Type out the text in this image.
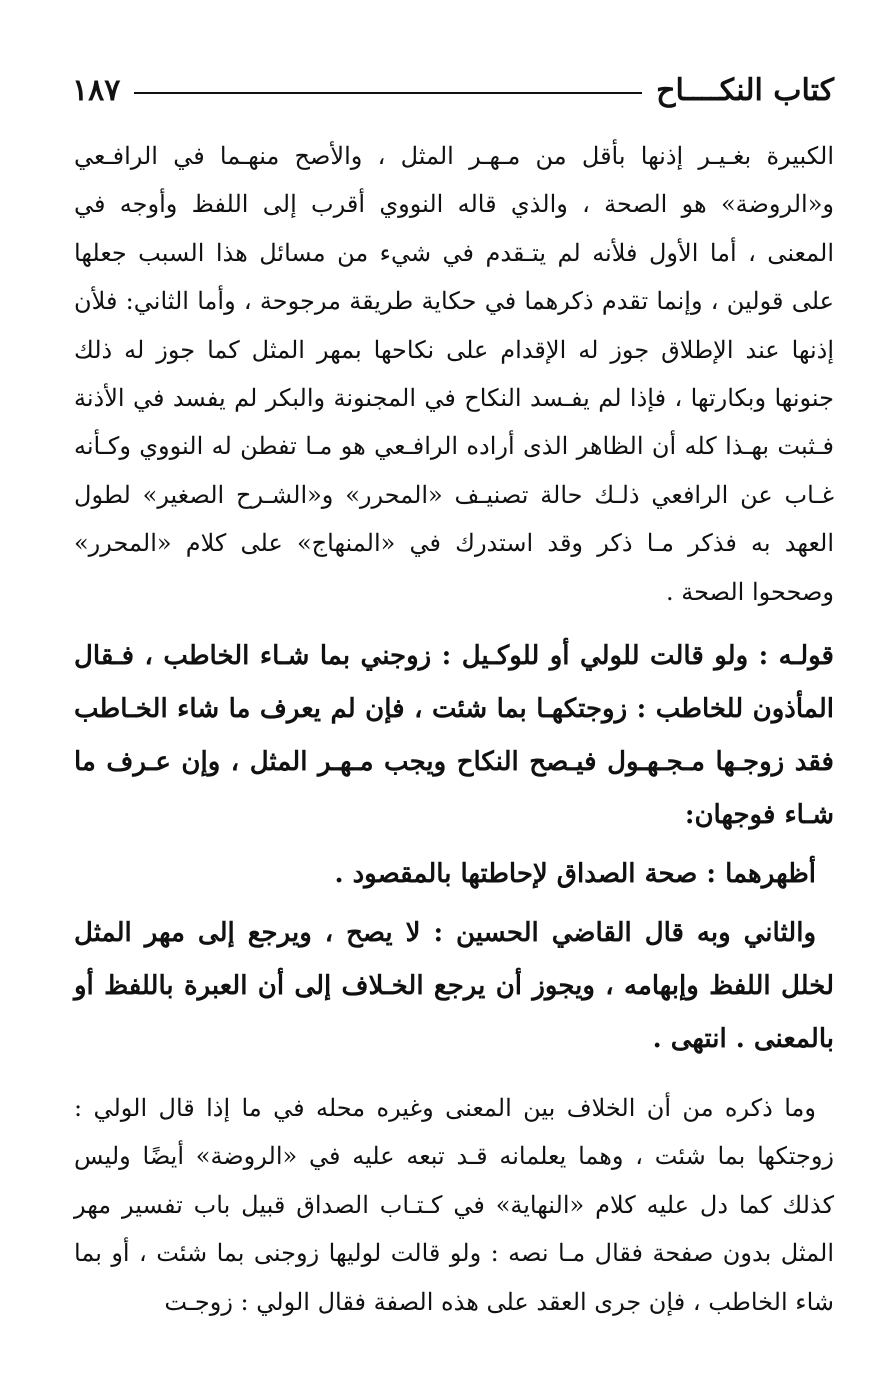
كتاب النكــــاح
١٨٧

الكبيرة بغـيـر إذنها بأقل من مـهـر المثل ، والأصح منهـما في الرافـعي و«الروضة» هو الصحة ، والذي قاله النووي أقرب إلى اللفظ وأوجه في المعنى ، أما الأول فلأنه لم يتـقدم في شيء من مسائل هذا السبب جعلها على قولين ، وإنما تقدم ذكرهما في حكاية طريقة مرجوحة ، وأما الثاني: فلأن إذنها عند الإطلاق جوز له الإقدام على نكاحها بمهر المثل كما جوز له ذلك جنونها وبكارتها ، فإذا لم يفـسد النكاح في المجنونة والبكر لم يفسد في الأذنة فـثبت بهـذا كله أن الظاهر الذى أراده الرافـعي هو مـا تفطن له النووي وكـأنه غـاب عن الرافعي ذلـك حالة تصنيـف «المحرر» و«الشـرح الصغير» لطول العهد به فذكر مـا ذكر وقد استدرك في «المنهاج» على كلام «المحرر» وصححوا الصحة .

قولـه : ولو قالت للولي أو للوكـيل : زوجني بما شـاء الخاطب ، فـقال المأذون للخاطب : زوجتكهـا بما شئت ، فإن لم يعرف ما شاء الخـاطب فقد زوجـها مـجـهـول فيـصح النكاح ويجب مـهـر المثل ، وإن عـرف ما شـاء فوجهان:

أظهرهما : صحة الصداق لإحاطتها بالمقصود .

والثاني وبه قال القاضي الحسين : لا يصح ، ويرجع إلى مهر المثل لخلل اللفظ وإبهامه ، ويجوز أن يرجع الخـلاف إلى أن العبرة باللفظ أو بالمعنى . انتهى .

وما ذكره من أن الخلاف بين المعنى وغيره محله في ما إذا قال الولي : زوجتكها بما شئت ، وهما يعلمانه قـد تبعه عليه في «الروضة» أيضًا وليس كذلك كما دل عليه كلام «النهاية» في كـتـاب الصداق قبيل باب تفسير مهر المثل بدون صفحة فقال مـا نصه : ولو قالت لوليها زوجنى بما شئت ، أو بما شاء الخاطب ، فإن جرى العقد على هذه الصفة فقال الولي : زوجـت
